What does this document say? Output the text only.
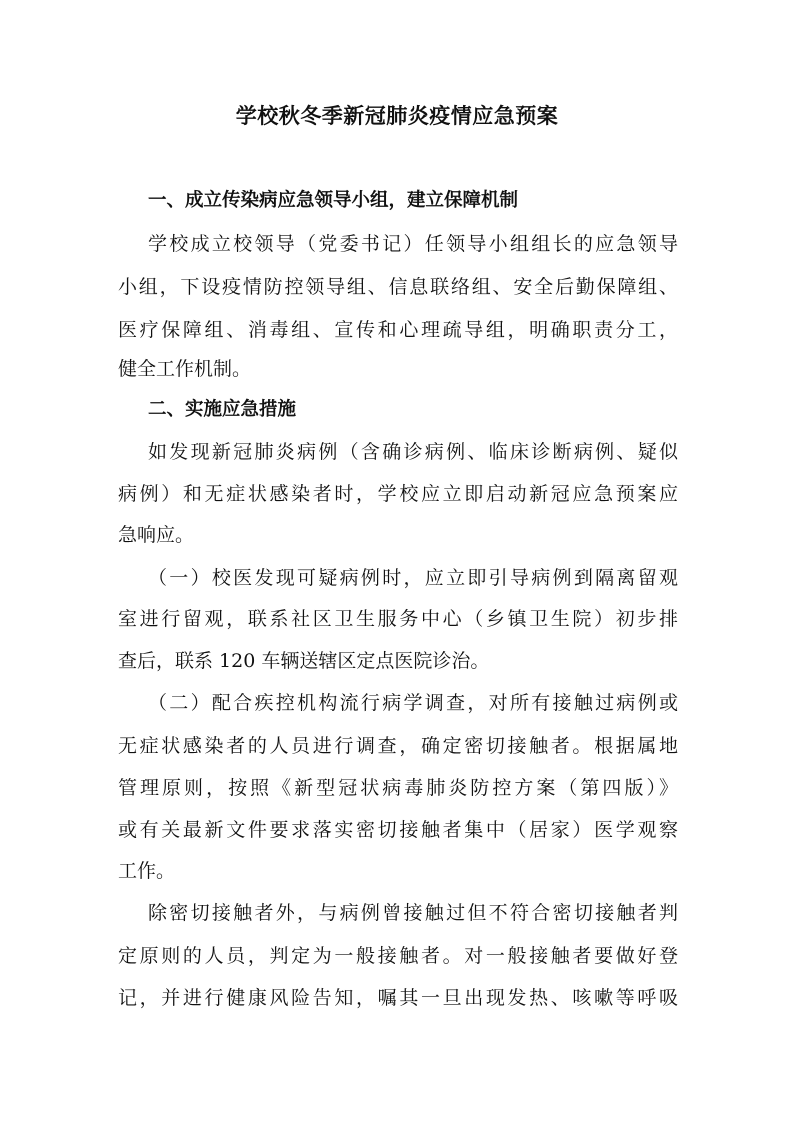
学校秋冬季新冠肺炎疫情应急预案

一、成立传染病应急领导小组，建立保障机制

学校成立校领导（党委书记）任领导小组组长的应急领导

小组，下设疫情防控领导组、信息联络组、安全后勤保障组、

医疗保障组、消毒组、宣传和心理疏导组，明确职责分工，

健全工作机制。

二、实施应急措施

如发现新冠肺炎病例（含确诊病例、临床诊断病例、疑似

病例）和无症状感染者时，学校应立即启动新冠应急预案应

急响应。

（一）校医发现可疑病例时，应立即引导病例到隔离留观

室进行留观，联系社区卫生服务中心（乡镇卫生院）初步排

查后，联系 120 车辆送辖区定点医院诊治。

（二）配合疾控机构流行病学调查，对所有接触过病例或

无症状感染者的人员进行调查，确定密切接触者。根据属地

管理原则，按照《新型冠状病毒肺炎防控方案（第四版）》

或有关最新文件要求落实密切接触者集中（居家）医学观察

工作。

除密切接触者外，与病例曾接触过但不符合密切接触者判

定原则的人员，判定为一般接触者。对一般接触者要做好登

记，并进行健康风险告知，嘱其一旦出现发热、咳嗽等呼吸
